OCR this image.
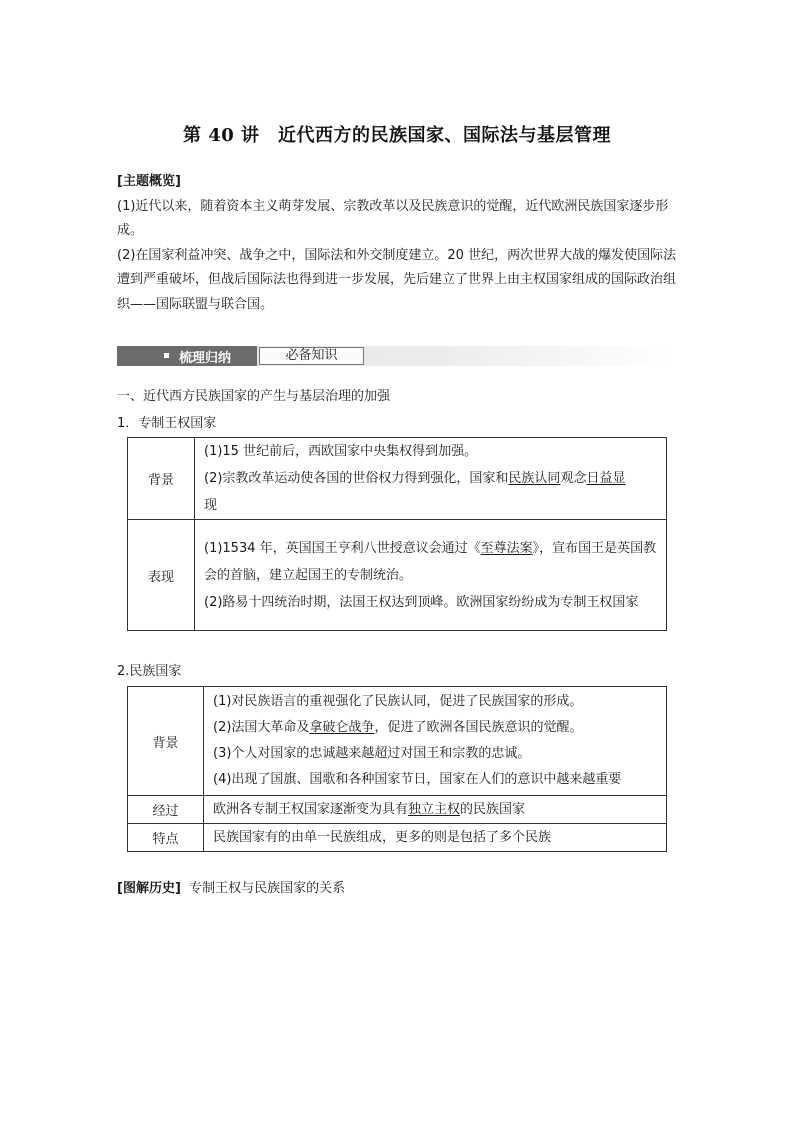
第 40 讲　近代西方的民族国家、国际法与基层管理
[主题概览]

(1)近代以来，随着资本主义萌芽发展、宗教改革以及民族意识的觉醒，近代欧洲民族国家逐步形成。

(2)在国家利益冲突、战争之中，国际法和外交制度建立。20 世纪，两次世界大战的爆发使国际法遭到严重破坏，但战后国际法也得到进一步发展，先后建立了世界上由主权国家组成的国际政治组织——国际联盟与联合国。

梳理归纳	必备知识
一、近代西方民族国家的产生与基层治理的加强
1．专制王权国家
背景	(1)15 世纪前后，西欧国家中央集权得到加强。

(2)宗教改革运动使各国的世俗权力得到强化，国家和民族认同观念日益显

现

表现	(1)1534 年，英国国王亨利八世授意议会通过《至尊法案》，宣布国王是英国教会的首脑，建立起国王的专制统治。

(2)路易十四统治时期，法国王权达到顶峰。欧洲国家纷纷成为专制王权国家

2.民族国家
背景	(1)对民族语言的重视强化了民族认同，促进了民族国家的形成。

(2)法国大革命及拿破仑战争，促进了欧洲各国民族意识的觉醒。

(3)个人对国家的忠诚越来越超过对国王和宗教的忠诚。

(4)出现了国旗、国歌和各种国家节日，国家在人们的意识中越来越重要

经过	欧洲各专制王权国家逐渐变为具有独立主权的民族国家
特点	民族国家有的由单一民族组成，更多的则是包括了多个民族
[图解历史] 专制王权与民族国家的关系
